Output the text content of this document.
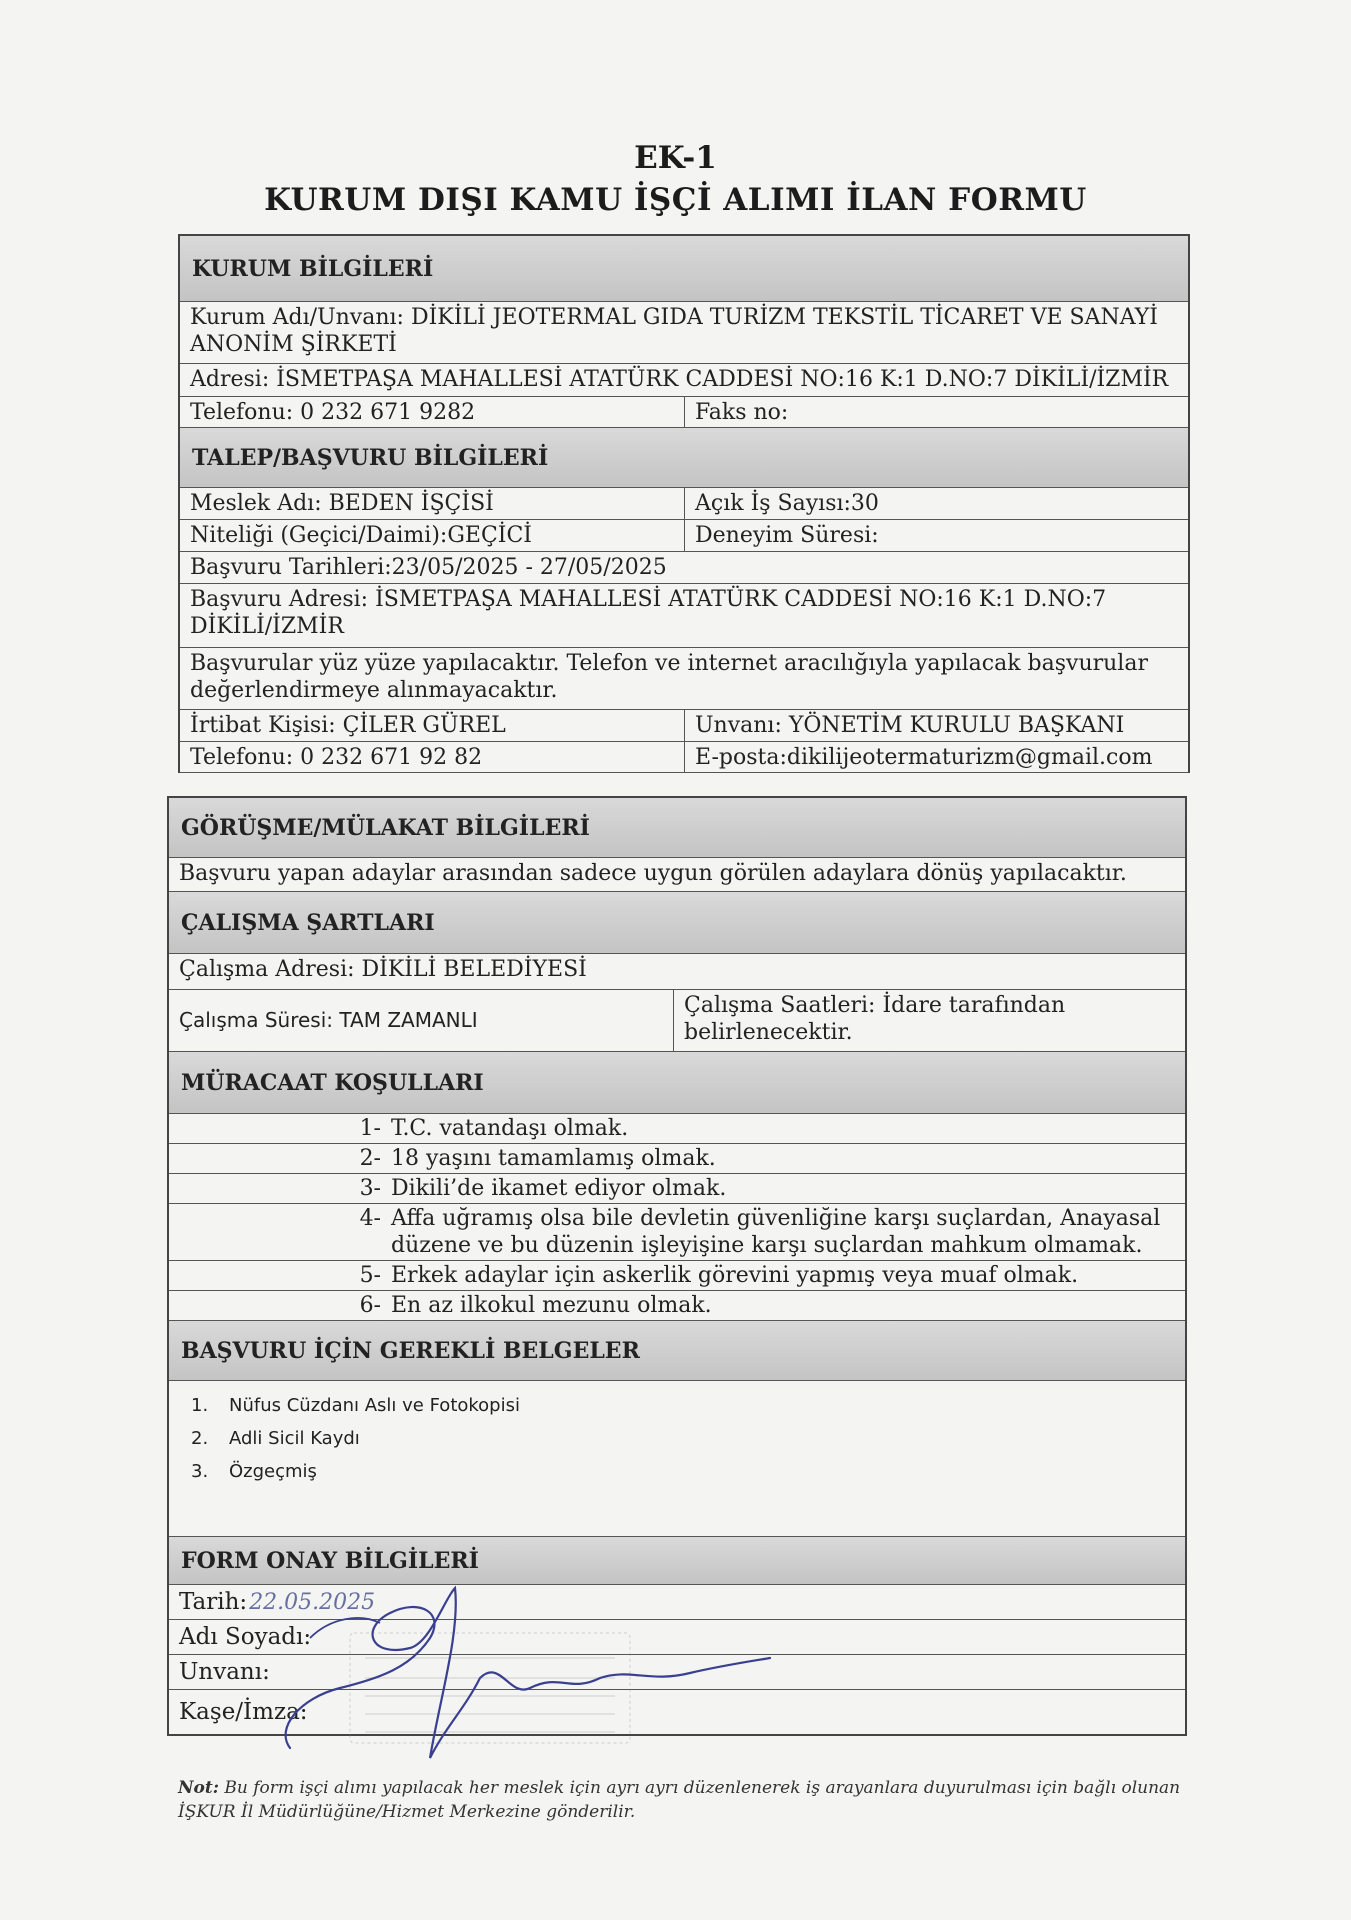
EK-1
KURUM DIŞI KAMU İŞÇİ ALIMI İLAN FORMU
KURUM BİLGİLERİ
Kurum Adı/Unvanı: DİKİLİ JEOTERMAL GIDA TURİZM TEKSTİL TİCARET VE SANAYİ ANONİM ŞİRKETİ
Adresi: İSMETPAŞA MAHALLESİ ATATÜRK CADDESİ NO:16 K:1 D.NO:7 DİKİLİ/İZMİR
Telefonu: 0 232 671 9282	Faks no:
TALEP/BAŞVURU BİLGİLERİ
Meslek Adı: BEDEN İŞÇİSİ	Açık İş Sayısı:30
Niteliği (Geçici/Daimi):GEÇİCİ	Deneyim Süresi:
Başvuru Tarihleri:23/05/2025 - 27/05/2025
Başvuru Adresi: İSMETPAŞA MAHALLESİ ATATÜRK CADDESİ NO:16 K:1 D.NO:7 DİKİLİ/İZMİR
Başvurular yüz yüze yapılacaktır. Telefon ve internet aracılığıyla yapılacak başvurular değerlendirmeye alınmayacaktır.
İrtibat Kişisi: ÇİLER GÜREL	Unvanı: YÖNETİM KURULU BAŞKANI
Telefonu: 0 232 671 92 82	E-posta:dikilijeotermaturizm@gmail.com
GÖRÜŞME/MÜLAKAT BİLGİLERİ
Başvuru yapan adaylar arasından sadece uygun görülen adaylara dönüş yapılacaktır.
ÇALIŞMA ŞARTLARI
Çalışma Adresi: DİKİLİ BELEDİYESİ
Çalışma Süresi: TAM ZAMANLI
Çalışma Saatleri: İdare tarafından belirlenecektir.
MÜRACAAT KOŞULLARI
1- T.C. vatandaşı olmak.
2- 18 yaşını tamamlamış olmak.
3- Dikili’de ikamet ediyor olmak.
4- Affa uğramış olsa bile devletin güvenliğine karşı suçlardan, Anayasal düzene ve bu düzenin işleyişine karşı suçlardan mahkum olmamak.
5- Erkek adaylar için askerlik görevini yapmış veya muaf olmak.
6- En az ilkokul mezunu olmak.
BAŞVURU İÇİN GEREKLİ BELGELER
1. Nüfus Cüzdanı Aslı ve Fotokopisi
2. Adli Sicil Kaydı
3. Özgeçmiş
FORM ONAY BİLGİLERİ
Tarih: 22.05.2025
Adı Soyadı:
Unvanı:
Kaşe/İmza:
Not: Bu form işçi alımı yapılacak her meslek için ayrı ayrı düzenlenerek iş arayanlara duyurulması için bağlı olunan İŞKUR İl Müdürlüğüne/Hizmet Merkezine gönderilir.
